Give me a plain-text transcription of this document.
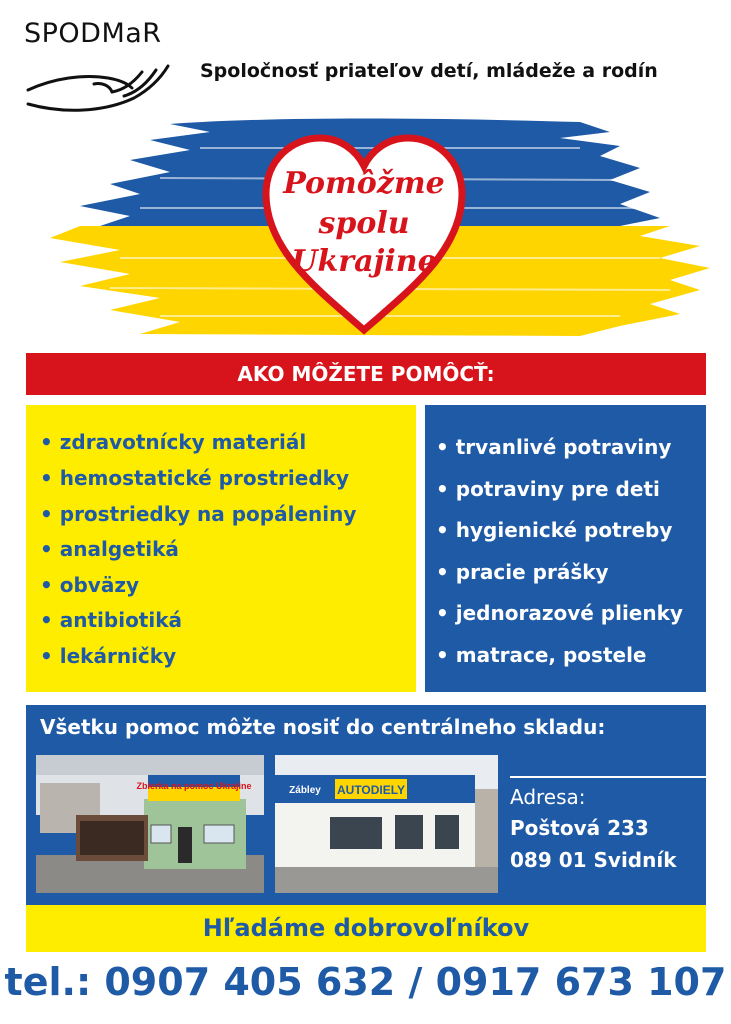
SPODMaR
Spoločnosť priateľov detí, mládeže a rodín
Pomôžme
spolu
Ukrajine
AKO MÔŽETE POMÔCŤ:
• zdravotnícky materiál
• hemostatické prostriedky
• prostriedky na popáleniny
• analgetiká
• obväzy
• antibiotiká
• lekárničky
• trvanlivé potraviny
• potraviny pre deti
• hygienické potreby
• pracie prášky
• jednorazové plienky
• matrace, postele
Všetku pomoc môžte nosiť do centrálneho skladu:
Zbierka na pomoc Ukrajine	AUTODIELY
Zábley	Adresa:
Poštová 233
089 01 Svidník
Hľadáme dobrovoľníkov
tel.: 0907 405 632 / 0917 673 107
